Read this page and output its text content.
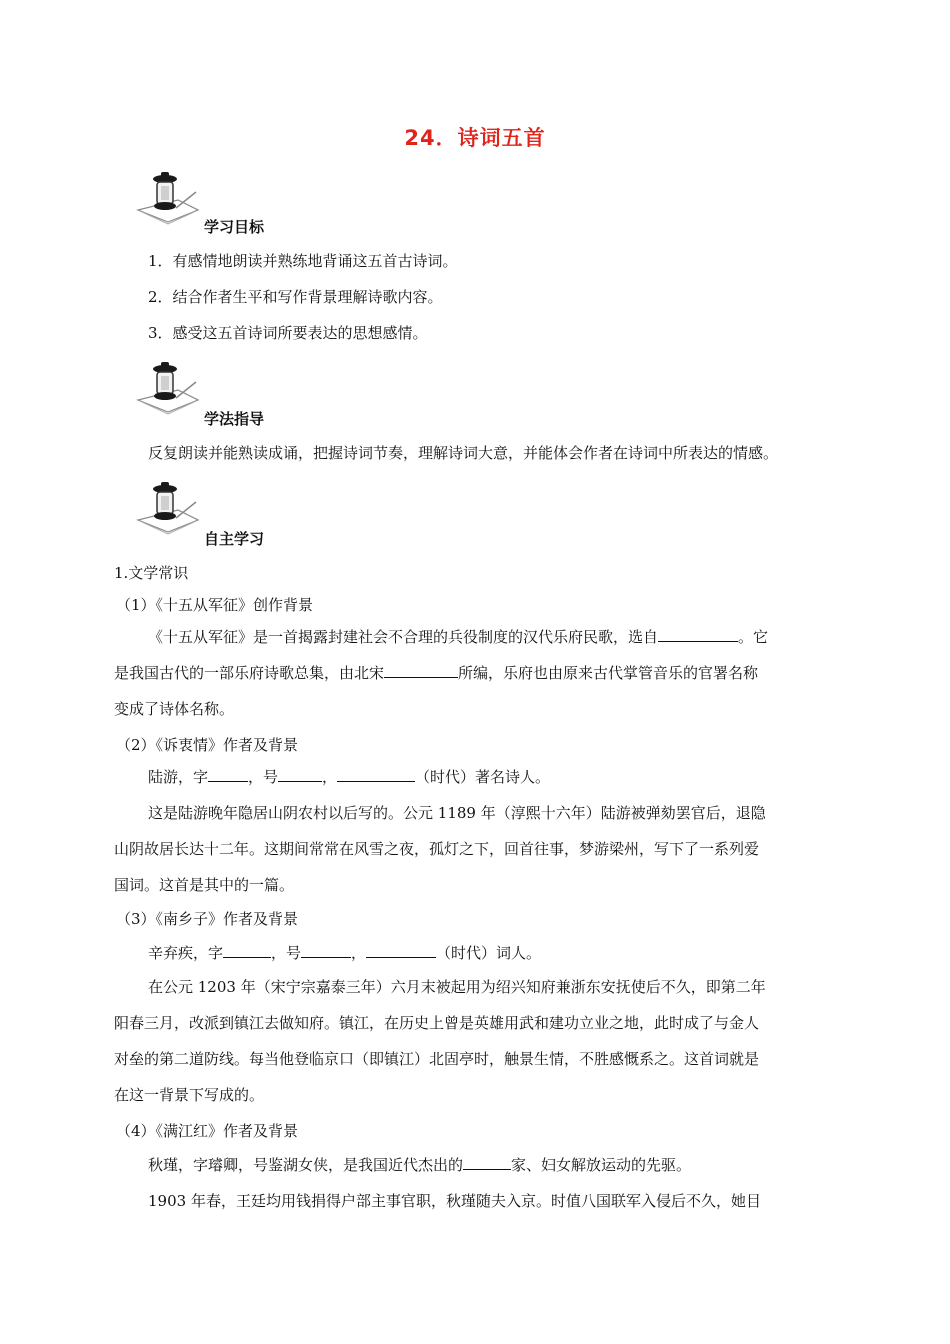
24．诗词五首
学习目标
1．有感情地朗读并熟练地背诵这五首古诗词。
2．结合作者生平和写作背景理解诗歌内容。
3．感受这五首诗词所要表达的思想感情。
学法指导
反复朗读并能熟读成诵，把握诗词节奏，理解诗词大意，并能体会作者在诗词中所表达的情感。
自主学习
1.文学常识
（1）《十五从军征》创作背景
《十五从军征》是一首揭露封建社会不合理的兵役制度的汉代乐府民歌，选自	。它
是我国古代的一部乐府诗歌总集，由北宋	所编，乐府也由原来古代掌管音乐的官署名称
变成了诗体名称。
（2）《诉衷情》作者及背景
陆游，字	，号	，	（时代）著名诗人。
这是陆游晚年隐居山阴农村以后写的。公元 1189 年（淳熙十六年）陆游被弹劾罢官后，退隐
山阴故居长达十二年。这期间常常在风雪之夜，孤灯之下，回首往事，梦游梁州，写下了一系列爱
国词。这首是其中的一篇。
（3）《南乡子》作者及背景
辛弃疾，字	，号	，	（时代）词人。
在公元 1203 年（宋宁宗嘉泰三年）六月末被起用为绍兴知府兼浙东安抚使后不久，即第二年
阳春三月，改派到镇江去做知府。镇江，在历史上曾是英雄用武和建功立业之地，此时成了与金人
对垒的第二道防线。每当他登临京口（即镇江）北固亭时，触景生情，不胜感慨系之。这首词就是
在这一背景下写成的。
（4）《满江红》作者及背景
秋瑾，字璿卿，号鉴湖女侠，是我国近代杰出的	家、妇女解放运动的先驱。
1903 年春，王廷均用钱捐得户部主事官职，秋瑾随夫入京。时值八国联军入侵后不久，她目
